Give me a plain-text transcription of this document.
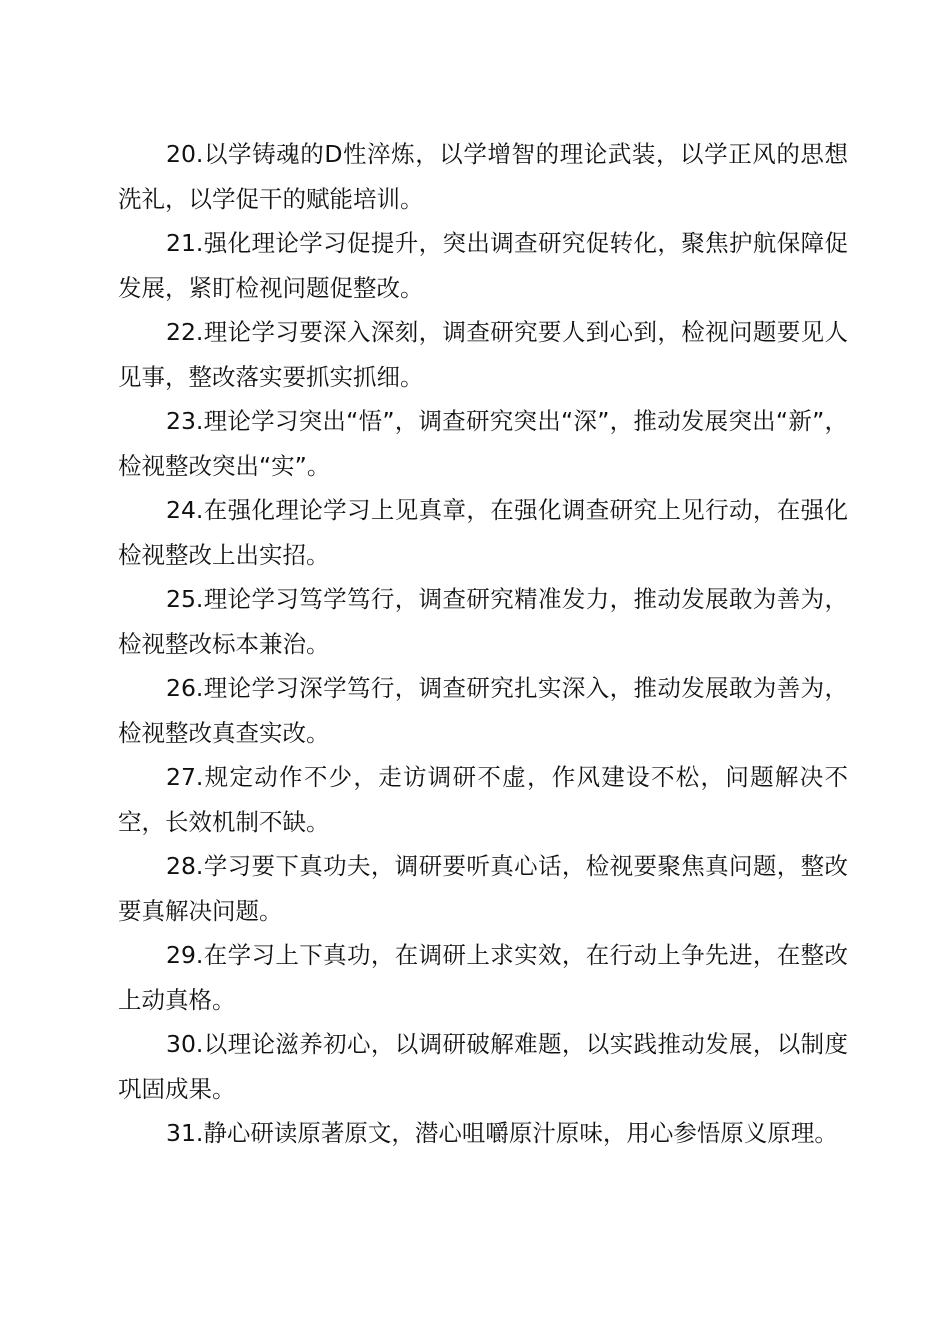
20.以学铸魂的D性淬炼，以学增智的理论武装，以学正风的思想洗礼，以学促干的赋能培训。

21.强化理论学习促提升，突出调查研究促转化，聚焦护航保障促发展，紧盯检视问题促整改。

22.理论学习要深入深刻，调查研究要人到心到，检视问题要见人见事，整改落实要抓实抓细。

23.理论学习突出“悟”，调查研究突出“深”，推动发展突出“新”，检视整改突出“实”。

24.在强化理论学习上见真章，在强化调查研究上见行动，在强化检视整改上出实招。

25.理论学习笃学笃行，调查研究精准发力，推动发展敢为善为，检视整改标本兼治。

26.理论学习深学笃行，调查研究扎实深入，推动发展敢为善为，检视整改真查实改。

27.规定动作不少，走访调研不虚，作风建设不松，问题解决不空，长效机制不缺。

28.学习要下真功夫，调研要听真心话，检视要聚焦真问题，整改要真解决问题。

29.在学习上下真功，在调研上求实效，在行动上争先进，在整改上动真格。

30.以理论滋养初心，以调研破解难题，以实践推动发展，以制度巩固成果。

31.静心研读原著原文，潜心咀嚼原汁原味，用心参悟原义原理。
